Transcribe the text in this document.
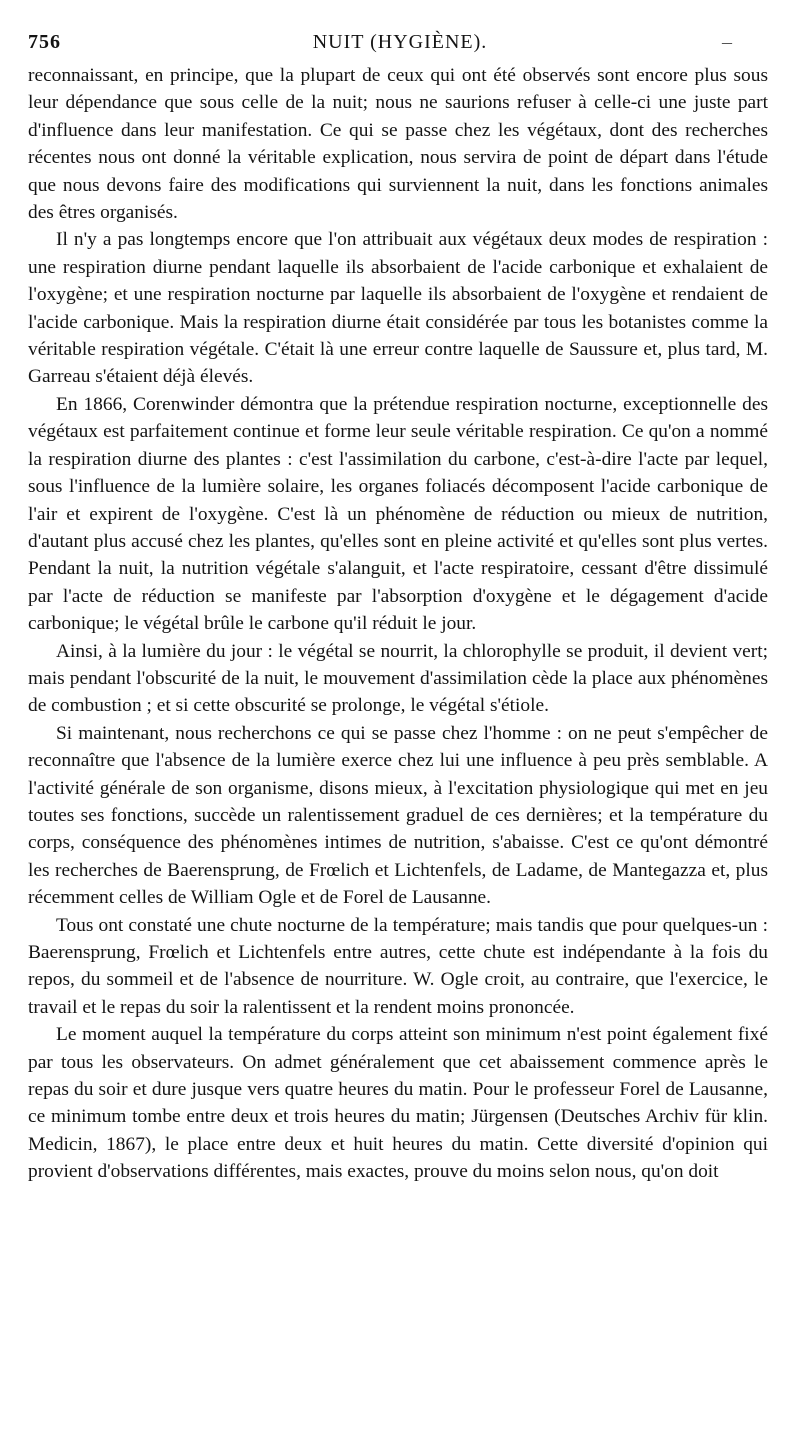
756	NUIT (HYGIÈNE).	–

reconnaissant, en principe, que la plupart de ceux qui ont été observés sont encore plus sous leur dépendance que sous celle de la nuit; nous ne saurions refuser à celle-ci une juste part d'influence dans leur manifestation. Ce qui se passe chez les végétaux, dont des recherches récentes nous ont donné la véritable explication, nous servira de point de départ dans l'étude que nous devons faire des modifications qui surviennent la nuit, dans les fonctions animales des êtres organisés.

Il n'y a pas longtemps encore que l'on attribuait aux végétaux deux modes de respiration : une respiration diurne pendant laquelle ils absorbaient de l'acide carbonique et exhalaient de l'oxygène; et une respiration nocturne par laquelle ils absorbaient de l'oxygène et rendaient de l'acide carbonique. Mais la respiration diurne était considérée par tous les botanistes comme la véritable respiration végétale. C'était là une erreur contre laquelle de Saussure et, plus tard, M. Garreau s'étaient déjà élevés.

En 1866, Corenwinder démontra que la prétendue respiration nocturne, exceptionnelle des végétaux est parfaitement continue et forme leur seule véritable respiration. Ce qu'on a nommé la respiration diurne des plantes : c'est l'assimilation du carbone, c'est-à-dire l'acte par lequel, sous l'influence de la lumière solaire, les organes foliacés décomposent l'acide carbonique de l'air et expirent de l'oxygène. C'est là un phénomène de réduction ou mieux de nutrition, d'autant plus accusé chez les plantes, qu'elles sont en pleine activité et qu'elles sont plus vertes. Pendant la nuit, la nutrition végétale s'alanguit, et l'acte respiratoire, cessant d'être dissimulé par l'acte de réduction se manifeste par l'absorption d'oxygène et le dégagement d'acide carbonique; le végétal brûle le carbone qu'il réduit le jour.

Ainsi, à la lumière du jour : le végétal se nourrit, la chlorophylle se produit, il devient vert; mais pendant l'obscurité de la nuit, le mouvement d'assimilation cède la place aux phénomènes de combustion ; et si cette obscurité se prolonge, le végétal s'étiole.

Si maintenant, nous recherchons ce qui se passe chez l'homme : on ne peut s'empêcher de reconnaître que l'absence de la lumière exerce chez lui une influence à peu près semblable. A l'activité générale de son organisme, disons mieux, à l'excitation physiologique qui met en jeu toutes ses fonctions, succède un ralentissement graduel de ces dernières; et la température du corps, conséquence des phénomènes intimes de nutrition, s'abaisse. C'est ce qu'ont démontré les recherches de Baerensprung, de Frœlich et Lichtenfels, de Ladame, de Mantegazza et, plus récemment celles de William Ogle et de Forel de Lausanne.

Tous ont constaté une chute nocturne de la température; mais tandis que pour quelques-un : Baerensprung, Frœlich et Lichtenfels entre autres, cette chute est indépendante à la fois du repos, du sommeil et de l'absence de nourriture. W. Ogle croit, au contraire, que l'exercice, le travail et le repas du soir la ralentissent et la rendent moins prononcée.

Le moment auquel la température du corps atteint son minimum n'est point également fixé par tous les observateurs. On admet généralement que cet abaissement commence après le repas du soir et dure jusque vers quatre heures du matin. Pour le professeur Forel de Lausanne, ce minimum tombe entre deux et trois heures du matin; Jürgensen (Deutsches Archiv für klin. Medicin, 1867), le place entre deux et huit heures du matin. Cette diversité d'opinion qui provient d'observations différentes, mais exactes, prouve du moins selon nous, qu'on doit
